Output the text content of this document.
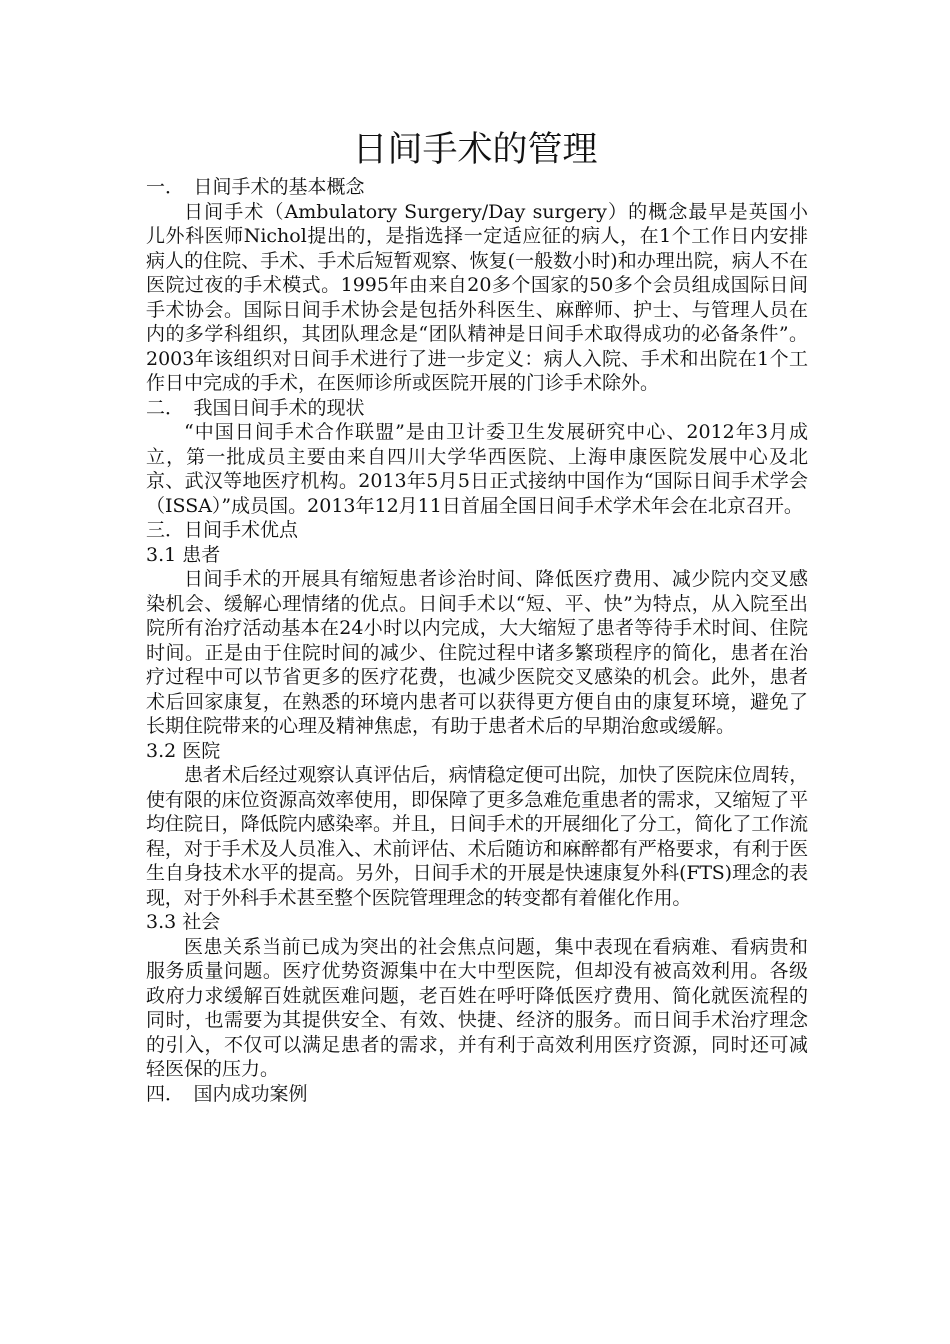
日间手术的管理
一．　日间手术的基本概念

日间手术（Ambulatory Surgery/Day surgery）的概念最早是英国小儿外科医师Nichol提出的，是指选择一定适应征的病人，在1个工作日内安排病人的住院、手术、手术后短暂观察、恢复(一般数小时)和办理出院，病人不在医院过夜的手术模式。1995年由来自20多个国家的50多个会员组成国际日间手术协会。国际日间手术协会是包括外科医生、麻醉师、护士、与管理人员在内的多学科组织，其团队理念是“团队精神是日间手术取得成功的必备条件”。2003年该组织对日间手术进行了进一步定义：病人入院、手术和出院在1个工作日中完成的手术，在医师诊所或医院开展的门诊手术除外。

二．　我国日间手术的现状

“中国日间手术合作联盟”是由卫计委卫生发展研究中心、2012年3月成立，第一批成员主要由来自四川大学华西医院、上海申康医院发展中心及北京、武汉等地医疗机构。2013年5月5日正式接纳中国作为“国际日间手术学会（ISSA）”成员国。2013年12月11日首届全国日间手术学术年会在北京召开。

三．日间手术优点
3.1 患者

日间手术的开展具有缩短患者诊治时间、降低医疗费用、减少院内交叉感染机会、缓解心理情绪的优点。日间手术以“短、平、快”为特点，从入院至出院所有治疗活动基本在24小时以内完成，大大缩短了患者等待手术时间、住院时间。正是由于住院时间的减少、住院过程中诸多繁琐程序的简化，患者在治疗过程中可以节省更多的医疗花费，也减少医院交叉感染的机会。此外，患者术后回家康复，在熟悉的环境内患者可以获得更方便自由的康复环境，避免了长期住院带来的心理及精神焦虑，有助于患者术后的早期治愈或缓解。

3.2 医院

患者术后经过观察认真评估后，病情稳定便可出院，加快了医院床位周转，使有限的床位资源高效率使用，即保障了更多急难危重患者的需求，又缩短了平均住院日，降低院内感染率。并且，日间手术的开展细化了分工，简化了工作流程，对于手术及人员准入、术前评估、术后随访和麻醉都有严格要求，有利于医生自身技术水平的提高。另外，日间手术的开展是快速康复外科(FTS)理念的表现，对于外科手术甚至整个医院管理理念的转变都有着催化作用。

3.3 社会

医患关系当前已成为突出的社会焦点问题，集中表现在看病难、看病贵和服务质量问题。医疗优势资源集中在大中型医院，但却没有被高效利用。各级政府力求缓解百姓就医难问题，老百姓在呼吁降低医疗费用、简化就医流程的同时，也需要为其提供安全、有效、快捷、经济的服务。而日间手术治疗理念的引入，不仅可以满足患者的需求，并有利于高效利用医疗资源，同时还可减轻医保的压力。

四．　国内成功案例
